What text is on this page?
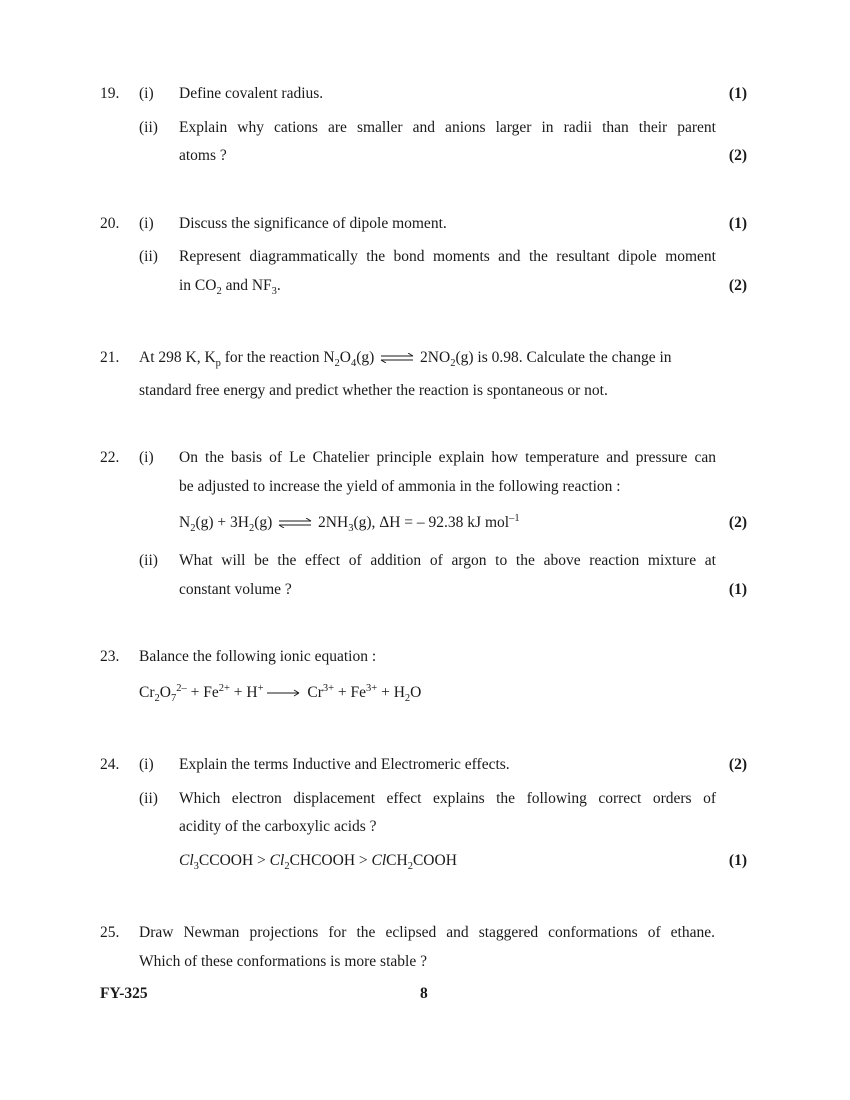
19. (i) Define covalent radius.	(1)
(ii) Explain why cations are smaller and anions larger in radii than their parent
atoms ?	(2)
20. (i) Discuss the significance of dipole moment.	(1)
(ii) Represent diagrammatically the bond moments and the resultant dipole moment
in $CO_2$ and $NF_3$.	(2)
21. At 298 K, $K_p$ for the reaction $N_2O_4(g)$ ⇌ $2NO_2(g)$ is 0.98. Calculate the change in
standard free energy and predict whether the reaction is spontaneous or not.
22. (i) On the basis of Le Chatelier principle explain how temperature and pressure can
be adjusted to increase the yield of ammonia in the following reaction :
$N_2(g) + 3H_2(g)$ ⇌ $2NH_3(g)$, ΔH = – 92.38 kJ mol$^{-1}$	(2)
(ii) What will be the effect of addition of argon to the above reaction mixture at
constant volume ?	(1)
23. Balance the following ionic equation :
$Cr_2O_7^{2-} + Fe^{2+} + H^+ \to Cr^{3+} + Fe^{3+} + H_2O$
24. (i) Explain the terms Inductive and Electromeric effects.	(2)
(ii) Which electron displacement effect explains the following correct orders of
acidity of the carboxylic acids ?
$Cl_3CCOOH$ > $Cl_2CHCOOH$ > ClCH$_2$COOH	(1)
25. Draw Newman projections for the eclipsed and staggered conformations of ethane.
Which of these conformations is more stable ?
FY-325	8
